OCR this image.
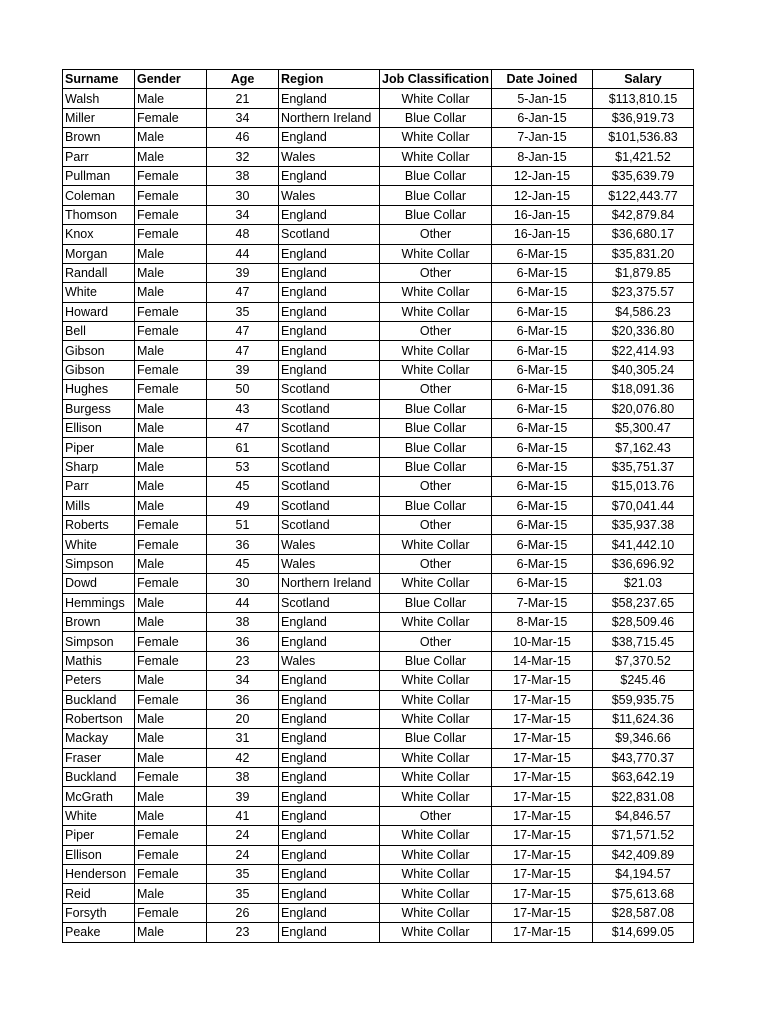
Surname	Gender	Age	Region	Job Classification	Date Joined	Salary
Walsh	Male	21	England	White Collar	5-Jan-15	$113,810.15
Miller	Female	34	Northern Ireland	Blue Collar	6-Jan-15	$36,919.73
Brown	Male	46	England	White Collar	7-Jan-15	$101,536.83
Parr	Male	32	Wales	White Collar	8-Jan-15	$1,421.52
Pullman	Female	38	England	Blue Collar	12-Jan-15	$35,639.79
Coleman	Female	30	Wales	Blue Collar	12-Jan-15	$122,443.77
Thomson	Female	34	England	Blue Collar	16-Jan-15	$42,879.84
Knox	Female	48	Scotland	Other	16-Jan-15	$36,680.17
Morgan	Male	44	England	White Collar	6-Mar-15	$35,831.20
Randall	Male	39	England	Other	6-Mar-15	$1,879.85
White	Male	47	England	White Collar	6-Mar-15	$23,375.57
Howard	Female	35	England	White Collar	6-Mar-15	$4,586.23
Bell	Female	47	England	Other	6-Mar-15	$20,336.80
Gibson	Male	47	England	White Collar	6-Mar-15	$22,414.93
Gibson	Female	39	England	White Collar	6-Mar-15	$40,305.24
Hughes	Female	50	Scotland	Other	6-Mar-15	$18,091.36
Burgess	Male	43	Scotland	Blue Collar	6-Mar-15	$20,076.80
Ellison	Male	47	Scotland	Blue Collar	6-Mar-15	$5,300.47
Piper	Male	61	Scotland	Blue Collar	6-Mar-15	$7,162.43
Sharp	Male	53	Scotland	Blue Collar	6-Mar-15	$35,751.37
Parr	Male	45	Scotland	Other	6-Mar-15	$15,013.76
Mills	Male	49	Scotland	Blue Collar	6-Mar-15	$70,041.44
Roberts	Female	51	Scotland	Other	6-Mar-15	$35,937.38
White	Female	36	Wales	White Collar	6-Mar-15	$41,442.10
Simpson	Male	45	Wales	Other	6-Mar-15	$36,696.92
Dowd	Female	30	Northern Ireland	White Collar	6-Mar-15	$21.03
Hemmings	Male	44	Scotland	Blue Collar	7-Mar-15	$58,237.65
Brown	Male	38	England	White Collar	8-Mar-15	$28,509.46
Simpson	Female	36	England	Other	10-Mar-15	$38,715.45
Mathis	Female	23	Wales	Blue Collar	14-Mar-15	$7,370.52
Peters	Male	34	England	White Collar	17-Mar-15	$245.46
Buckland	Female	36	England	White Collar	17-Mar-15	$59,935.75
Robertson	Male	20	England	White Collar	17-Mar-15	$11,624.36
Mackay	Male	31	England	Blue Collar	17-Mar-15	$9,346.66
Fraser	Male	42	England	White Collar	17-Mar-15	$43,770.37
Buckland	Female	38	England	White Collar	17-Mar-15	$63,642.19
McGrath	Male	39	England	White Collar	17-Mar-15	$22,831.08
White	Male	41	England	Other	17-Mar-15	$4,846.57
Piper	Female	24	England	White Collar	17-Mar-15	$71,571.52
Ellison	Female	24	England	White Collar	17-Mar-15	$42,409.89
Henderson	Female	35	England	White Collar	17-Mar-15	$4,194.57
Reid	Male	35	England	White Collar	17-Mar-15	$75,613.68
Forsyth	Female	26	England	White Collar	17-Mar-15	$28,587.08
Peake	Male	23	England	White Collar	17-Mar-15	$14,699.05
